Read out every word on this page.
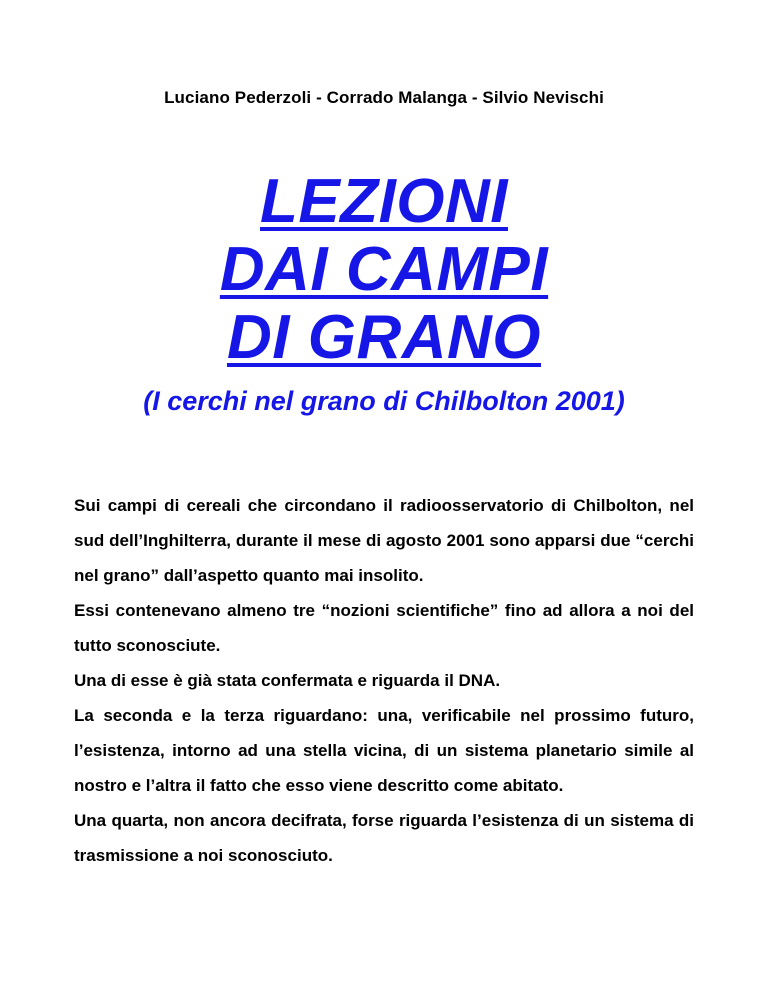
Luciano Pederzoli - Corrado Malanga - Silvio Nevischi
LEZIONI
DAI CAMPI
DI GRANO
(I cerchi nel grano di Chilbolton 2001)

Sui campi di cereali che circondano il radioosservatorio di Chilbolton, nel sud dell’Inghilterra, durante il mese di agosto 2001 sono apparsi due “cerchi nel grano” dall’aspetto quanto mai insolito.

Essi contenevano almeno tre “nozioni scientifiche” fino ad allora a noi del tutto sconosciute.

Una di esse è già stata confermata e riguarda il DNA.

La seconda e la terza riguardano: una, verificabile nel prossimo futuro, l’esistenza, intorno ad una stella vicina, di un sistema planetario simile al nostro e l’altra il fatto che esso viene descritto come abitato.

Una quarta, non ancora decifrata, forse riguarda l’esistenza di un sistema di trasmissione a noi sconosciuto.
